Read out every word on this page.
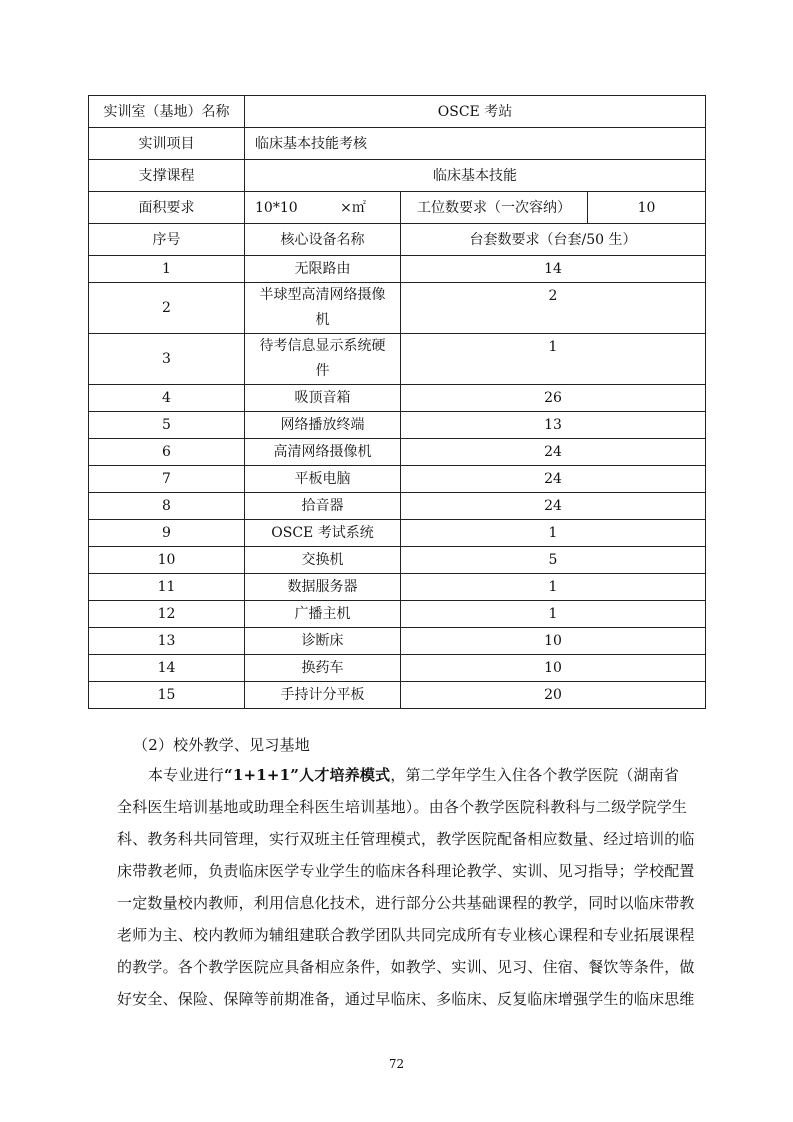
实训室（基地）名称	OSCE 考站		
实训项目	临床基本技能考核		
支撑课程	临床基本技能		
面积要求	10*10 ×㎡	工位数要求（一次容纳）	10
序号	核心设备名称	台套数要求（台套/50 生）	
1	无限路由	14	
2	半球型高清网络摄像机	2	
3	待考信息显示系统硬件	1	
4	吸顶音箱	26	
5	网络播放终端	13	
6	高清网络摄像机	24	
7	平板电脑	24	
8	拾音器	24	
9	OSCE 考试系统	1	
10	交换机	5	
11	数据服务器	1	
12	广播主机	1	
13	诊断床	10	
14	换药车	10	
15	手持计分平板	20	
（2）校外教学、见习基地
本专业进行“1+1+1”人才培养模式，第二学年学生入住各个教学医院（湖南省
全科医生培训基地或助理全科医生培训基地）。由各个教学医院科教科与二级学院学生
科、教务科共同管理，实行双班主任管理模式，教学医院配备相应数量、经过培训的临
床带教老师，负责临床医学专业学生的临床各科理论教学、实训、见习指导；学校配置
一定数量校内教师，利用信息化技术，进行部分公共基础课程的教学，同时以临床带教
老师为主、校内教师为辅组建联合教学团队共同完成所有专业核心课程和专业拓展课程
的教学。各个教学医院应具备相应条件，如教学、实训、见习、住宿、餐饮等条件，做
好安全、保险、保障等前期准备，通过早临床、多临床、反复临床增强学生的临床思维
72
